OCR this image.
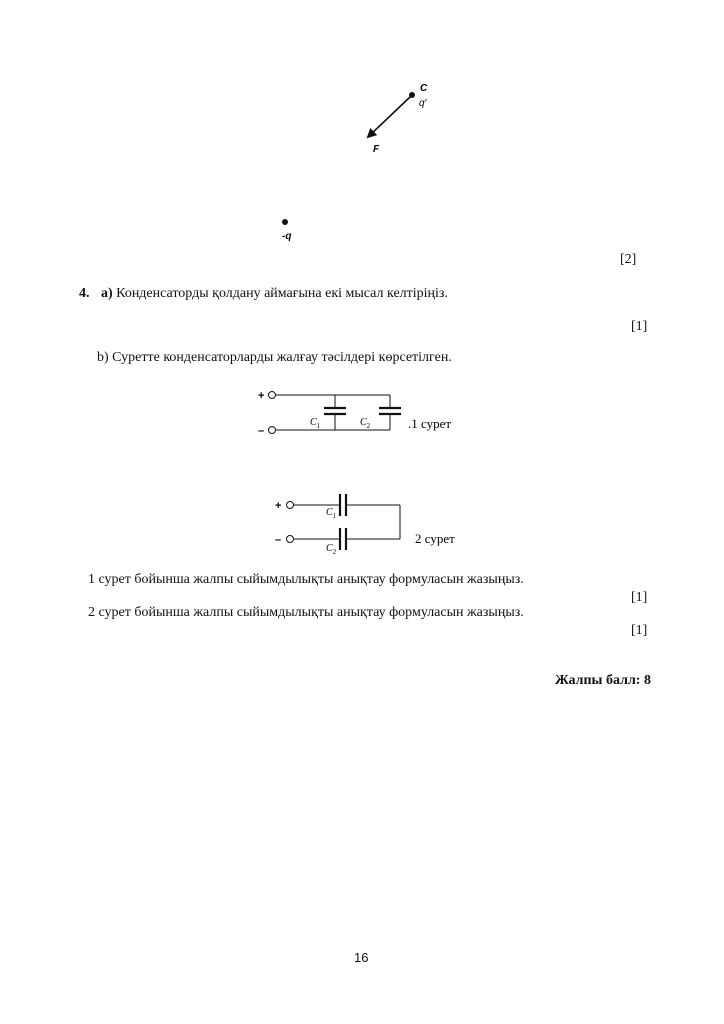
C
q′
F
-q
[2]
4. a) Конденсаторды қолдану аймағына екі мысал келтіріңіз.
[1]
b) Суретте конденсаторларды жалғау тәсілдері көрсетілген.
+
–
$C_1$	$C_2$	.1 сурет
+
–
$C_1$
$C_2$
2 сурет
1 сурет бойынша жалпы сыйымдылықты анықтау формуласын жазыңыз.
[1]
2 сурет бойынша жалпы сыйымдылықты анықтау формуласын жазыңыз.
[1]
Жалпы балл: 8
16
